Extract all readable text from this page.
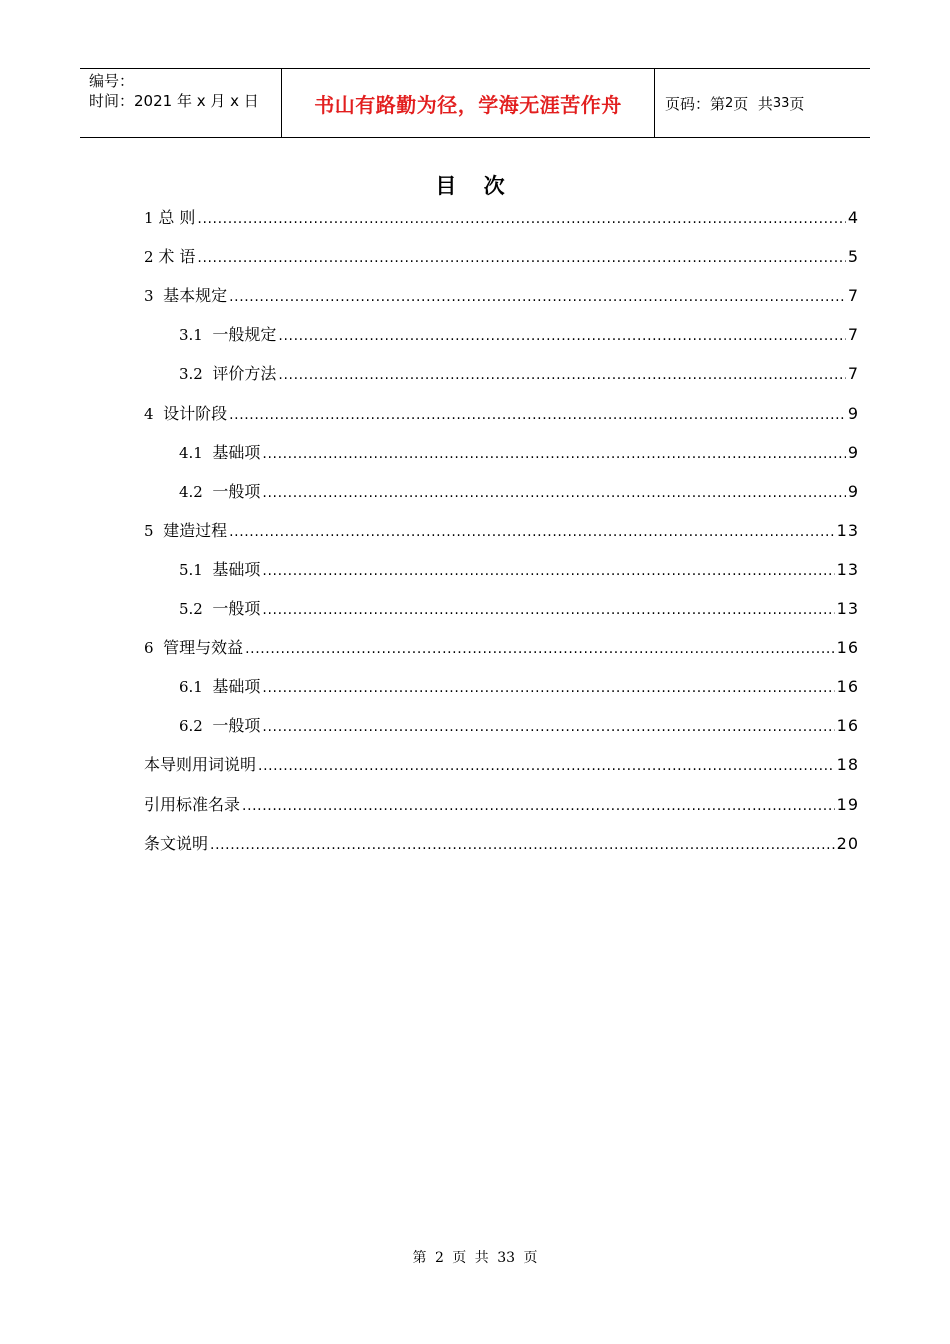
编号：
时间：2021 年 x 月 x 日	书山有路勤为径，学海无涯苦作舟	页码：第 2 页  共 33 页
目 次
1 总 则 .....	4
2 术 语 .....	5
3 基本规定 .....	7
3.1 一般规定 .....	7
3.2 评价方法 .....	7
4 设计阶段 .....	9
4.1 基础项 .....	9
4.2 一般项 .....	9
5 建造过程 .....	13
5.1 基础项 .....	13
5.2 一般项 .....	13
6 管理与效益 .....	16
6.1 基础项 .....	16
6.2 一般项 .....	16
本导则用词说明 .....	18
引用标准名录 .....	19
条文说明 .....	20
第 2 页 共 33 页
